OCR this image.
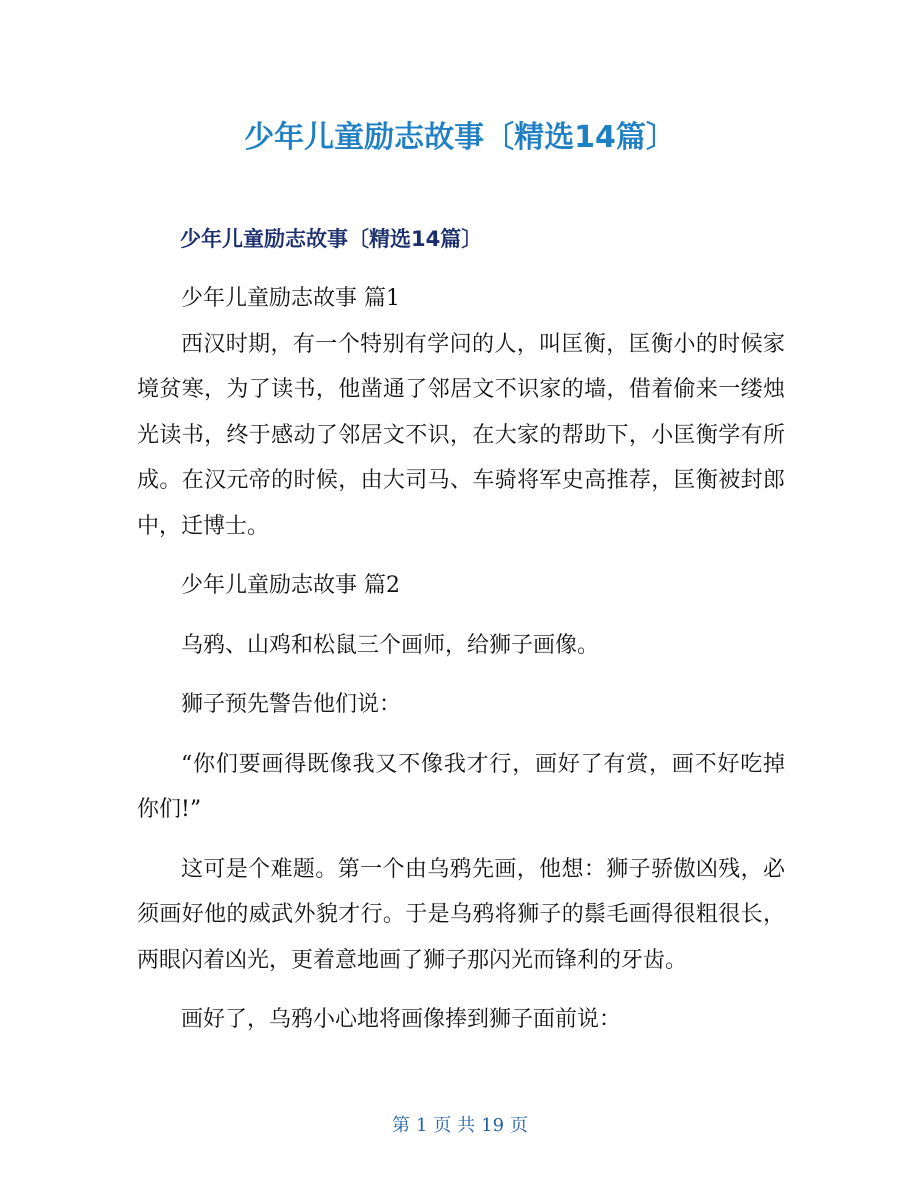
少年儿童励志故事〔精选14篇〕
少年儿童励志故事〔精选14篇〕

少年儿童励志故事 篇1

西汉时期，有一个特别有学问的人，叫匡衡，匡衡小的时候家境贫寒，为了读书，他凿通了邻居文不识家的墙，借着偷来一缕烛光读书，终于感动了邻居文不识，在大家的帮助下，小匡衡学有所成。在汉元帝的时候，由大司马、车骑将军史高推荐，匡衡被封郎中，迁博士。

少年儿童励志故事 篇2

乌鸦、山鸡和松鼠三个画师，给狮子画像。

狮子预先警告他们说：

“你们要画得既像我又不像我才行，画好了有赏，画不好吃掉你们!”

这可是个难题。第一个由乌鸦先画，他想：狮子骄傲凶残，必须画好他的威武外貌才行。于是乌鸦将狮子的鬃毛画得很粗很长，两眼闪着凶光，更着意地画了狮子那闪光而锋利的牙齿。

画好了，乌鸦小心地将画像捧到狮子面前说：

第 1 页 共 19 页
